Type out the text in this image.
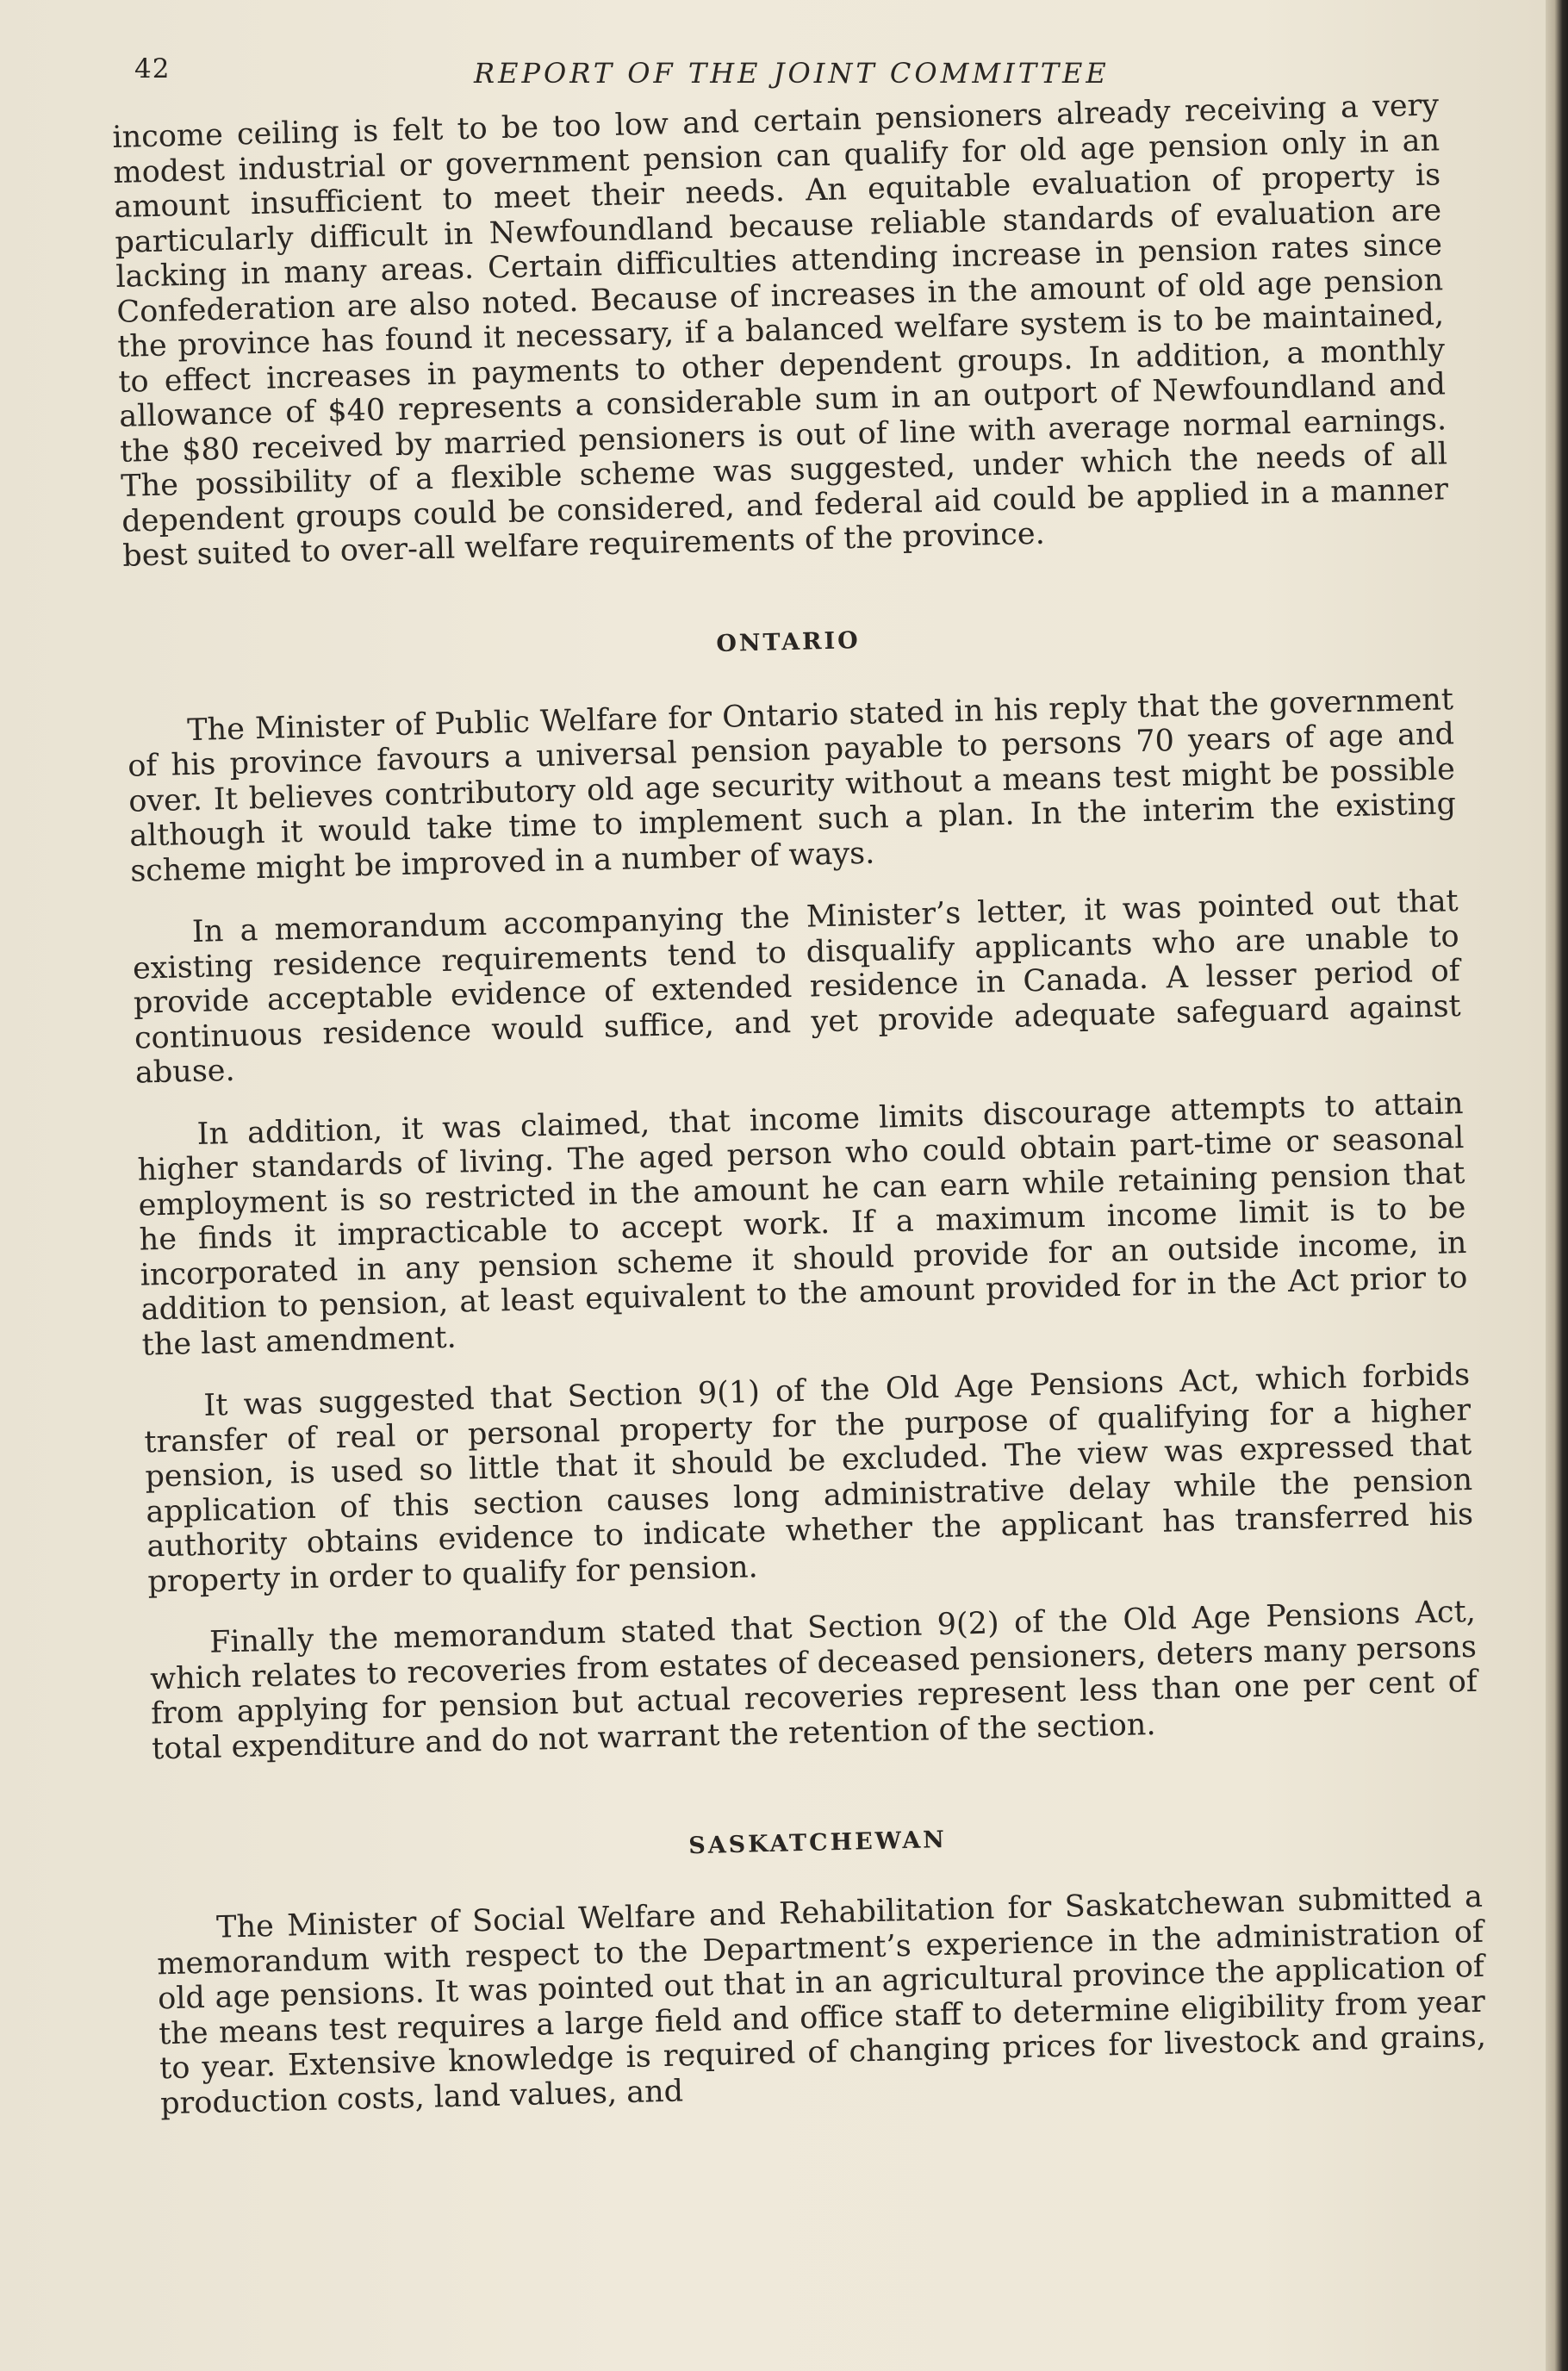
42	REPORT OF THE JOINT COMMITTEE

income ceiling is felt to be too low and certain pensioners already receiving a very modest industrial or government pension can qualify for old age pension only in an amount insufficient to meet their needs. An equitable evaluation of property is particularly difficult in Newfoundland because reliable standards of evaluation are lacking in many areas. Certain difficulties attending increase in pension rates since Confederation are also noted. Because of increases in the amount of old age pension the province has found it necessary, if a balanced welfare system is to be maintained, to effect increases in payments to other dependent groups. In addition, a monthly allowance of $40 represents a considerable sum in an outport of Newfoundland and the $80 received by married pensioners is out of line with average normal earnings. The possibility of a flexible scheme was suggested, under which the needs of all dependent groups could be considered, and federal aid could be applied in a manner best suited to over-all welfare requirements of the province.

ONTARIO

The Minister of Public Welfare for Ontario stated in his reply that the government of his province favours a universal pension payable to persons 70 years of age and over. It believes contributory old age security without a means test might be possible although it would take time to implement such a plan. In the interim the existing scheme might be improved in a number of ways.

In a memorandum accompanying the Minister’s letter, it was pointed out that existing residence requirements tend to disqualify applicants who are unable to provide acceptable evidence of extended residence in Canada. A lesser period of continuous residence would suffice, and yet provide adequate safeguard against abuse.

In addition, it was claimed, that income limits discourage attempts to attain higher standards of living. The aged person who could obtain part-time or seasonal employment is so restricted in the amount he can earn while retaining pension that he finds it impracticable to accept work. If a maximum income limit is to be incorporated in any pension scheme it should provide for an outside income, in addition to pension, at least equivalent to the amount provided for in the Act prior to the last amendment.

It was suggested that Section 9(1) of the Old Age Pensions Act, which forbids transfer of real or personal property for the purpose of qualifying for a higher pension, is used so little that it should be excluded. The view was expressed that application of this section causes long administrative delay while the pension authority obtains evidence to indicate whether the applicant has transferred his property in order to qualify for pension.

Finally the memorandum stated that Section 9(2) of the Old Age Pensions Act, which relates to recoveries from estates of deceased pensioners, deters many persons from applying for pension but actual recoveries represent less than one per cent of total expenditure and do not warrant the retention of the section.

SASKATCHEWAN

The Minister of Social Welfare and Rehabilitation for Saskatchewan submitted a memorandum with respect to the Department’s experience in the administration of old age pensions. It was pointed out that in an agricultural province the application of the means test requires a large field and office staff to determine eligibility from year to year. Extensive knowledge is required of changing prices for livestock and grains, production costs, land values, and
